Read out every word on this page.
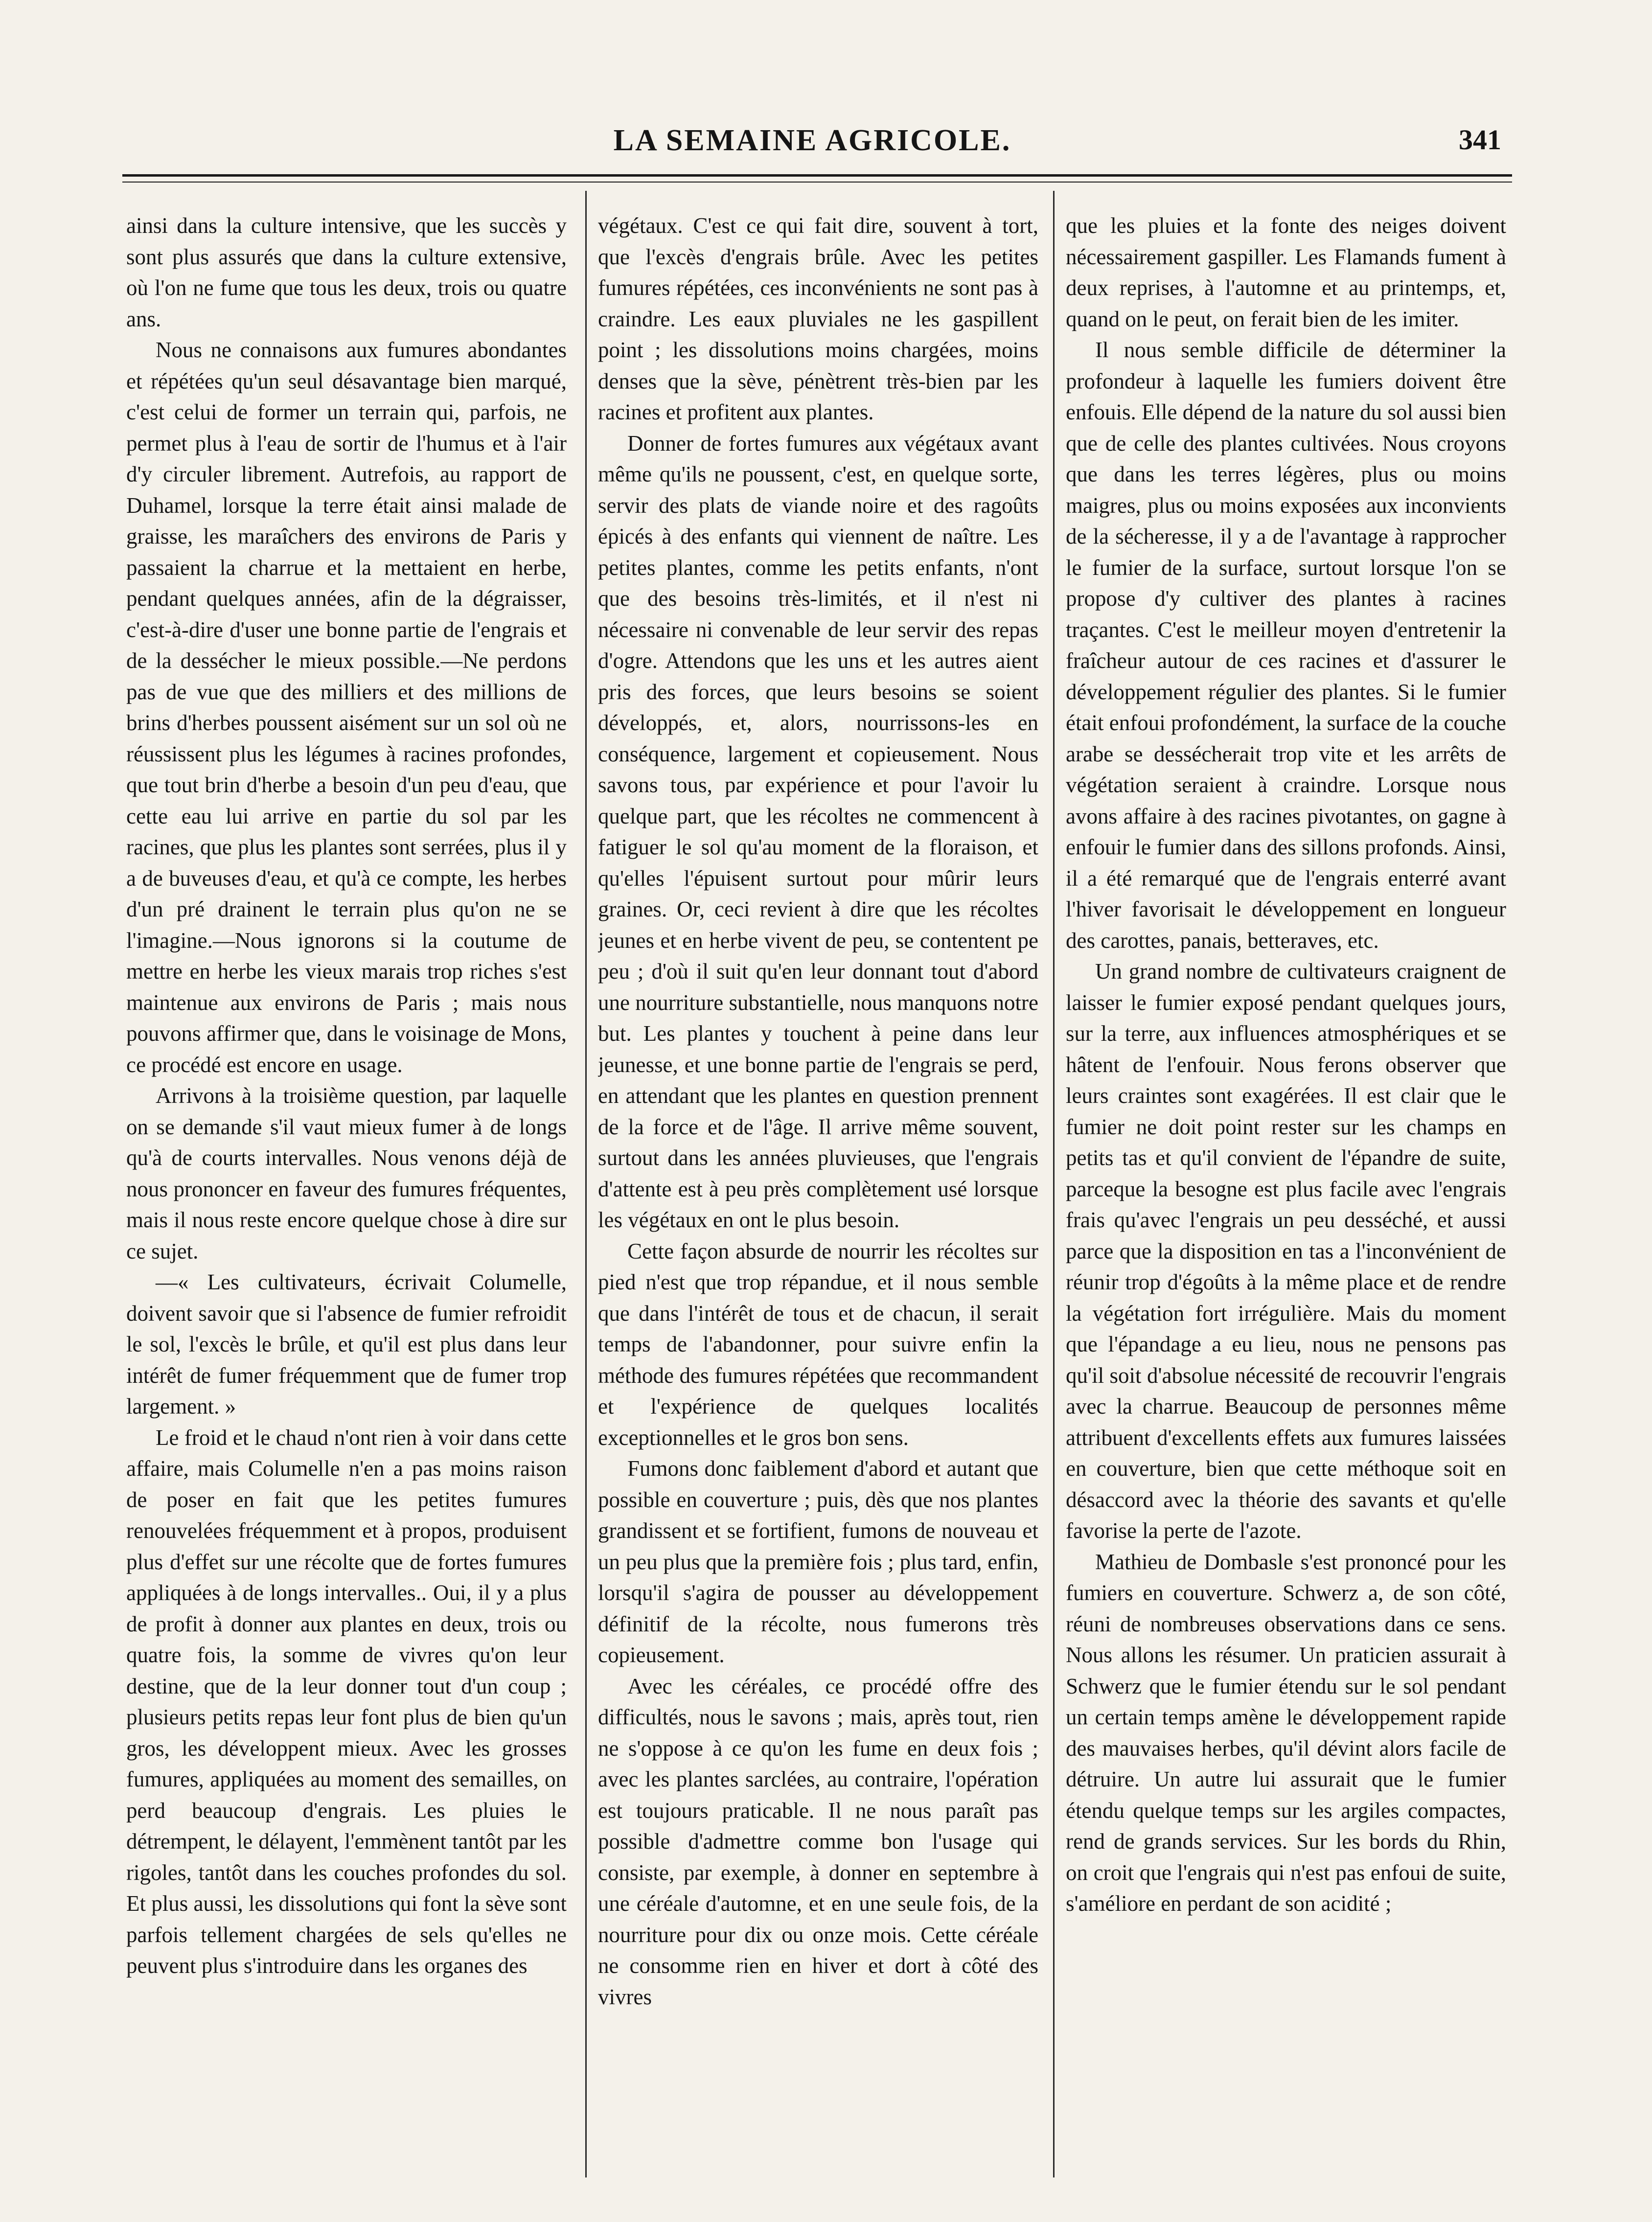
LA SEMAINE AGRICOLE.	341

ainsi dans la culture intensive, que les succès y sont plus assurés que dans la culture extensive, où l'on ne fume que tous les deux, trois ou quatre ans.

Nous ne connaisons aux fumures abondantes et répétées qu'un seul désavantage bien marqué, c'est celui de former un terrain qui, parfois, ne permet plus à l'eau de sortir de l'humus et à l'air d'y circuler librement. Autrefois, au rapport de Duhamel, lorsque la terre était ainsi malade de graisse, les maraîchers des environs de Paris y passaient la charrue et la mettaient en herbe, pendant quelques années, afin de la dégraisser, c'est-à-dire d'user une bonne partie de l'engrais et de la dessécher le mieux possible.—Ne perdons pas de vue que des milliers et des millions de brins d'herbes poussent aisément sur un sol où ne réussissent plus les légumes à racines profondes, que tout brin d'herbe a besoin d'un peu d'eau, que cette eau lui arrive en partie du sol par les racines, que plus les plantes sont serrées, plus il y a de buveuses d'eau, et qu'à ce compte, les herbes d'un pré drainent le terrain plus qu'on ne se l'imagine.—Nous ignorons si la coutume de mettre en herbe les vieux marais trop riches s'est maintenue aux environs de Paris ; mais nous pouvons affirmer que, dans le voisinage de Mons, ce procédé est encore en usage.

Arrivons à la troisième question, par laquelle on se demande s'il vaut mieux fumer à de longs qu'à de courts intervalles. Nous venons déjà de nous prononcer en faveur des fumures fréquentes, mais il nous reste encore quelque chose à dire sur ce sujet.

—« Les cultivateurs, écrivait Columelle, doivent savoir que si l'absence de fumier refroidit le sol, l'excès le brûle, et qu'il est plus dans leur intérêt de fumer fréquemment que de fumer trop largement. »

Le froid et le chaud n'ont rien à voir dans cette affaire, mais Columelle n'en a pas moins raison de poser en fait que les petites fumures renouvelées fréquemment et à propos, produisent plus d'effet sur une récolte que de fortes fumures appliquées à de longs intervalles.. Oui, il y a plus de profit à donner aux plantes en deux, trois ou quatre fois, la somme de vivres qu'on leur destine, que de la leur donner tout d'un coup ; plusieurs petits repas leur font plus de bien qu'un gros, les développent mieux. Avec les grosses fumures, appliquées au moment des semailles, on perd beaucoup d'engrais. Les pluies le détrempent, le délayent, l'emmènent tantôt par les rigoles, tantôt dans les couches profondes du sol. Et plus aussi, les dissolutions qui font la sève sont parfois tellement chargées de sels qu'elles ne peuvent plus s'introduire dans les organes des

végétaux. C'est ce qui fait dire, souvent à tort, que l'excès d'engrais brûle. Avec les petites fumures répétées, ces inconvénients ne sont pas à craindre. Les eaux pluviales ne les gaspillent point ; les dissolutions moins chargées, moins denses que la sève, pénètrent très-bien par les racines et profitent aux plantes.

Donner de fortes fumures aux végétaux avant même qu'ils ne poussent, c'est, en quelque sorte, servir des plats de viande noire et des ragoûts épicés à des enfants qui viennent de naître. Les petites plantes, comme les petits enfants, n'ont que des besoins très-limités, et il n'est ni nécessaire ni convenable de leur servir des repas d'ogre. Attendons que les uns et les autres aient pris des forces, que leurs besoins se soient développés, et, alors, nourrissons-les en conséquence, largement et copieusement. Nous savons tous, par expérience et pour l'avoir lu quelque part, que les récoltes ne commencent à fatiguer le sol qu'au moment de la floraison, et qu'elles l'épuisent surtout pour mûrir leurs graines. Or, ceci revient à dire que les récoltes jeunes et en herbe vivent de peu, se contentent pe peu ; d'où il suit qu'en leur donnant tout d'abord une nourriture substantielle, nous manquons notre but. Les plantes y touchent à peine dans leur jeunesse, et une bonne partie de l'engrais se perd, en attendant que les plantes en question prennent de la force et de l'âge. Il arrive même souvent, surtout dans les années pluvieuses, que l'engrais d'attente est à peu près complètement usé lorsque les végétaux en ont le plus besoin.

Cette façon absurde de nourrir les récoltes sur pied n'est que trop répandue, et il nous semble que dans l'intérêt de tous et de chacun, il serait temps de l'abandonner, pour suivre enfin la méthode des fumures répétées que recommandent et l'expérience de quelques localités exceptionnelles et le gros bon sens.

Fumons donc faiblement d'abord et autant que possible en couverture ; puis, dès que nos plantes grandissent et se fortifient, fumons de nouveau et un peu plus que la première fois ; plus tard, enfin, lorsqu'il s'agira de pousser au développement définitif de la récolte, nous fumerons très copieusement.

Avec les céréales, ce procédé offre des difficultés, nous le savons ; mais, après tout, rien ne s'oppose à ce qu'on les fume en deux fois ; avec les plantes sarclées, au contraire, l'opération est toujours praticable. Il ne nous paraît pas possible d'admettre comme bon l'usage qui consiste, par exemple, à donner en septembre à une céréale d'automne, et en une seule fois, de la nourriture pour dix ou onze mois. Cette céréale ne consomme rien en hiver et dort à côté des vivres

que les pluies et la fonte des neiges doivent nécessairement gaspiller. Les Flamands fument à deux reprises, à l'automne et au printemps, et, quand on le peut, on ferait bien de les imiter.

Il nous semble difficile de déterminer la profondeur à laquelle les fumiers doivent être enfouis. Elle dépend de la nature du sol aussi bien que de celle des plantes cultivées. Nous croyons que dans les terres légères, plus ou moins maigres, plus ou moins exposées aux inconvients de la sécheresse, il y a de l'avantage à rapprocher le fumier de la surface, surtout lorsque l'on se propose d'y cultiver des plantes à racines traçantes. C'est le meilleur moyen d'entretenir la fraîcheur autour de ces racines et d'assurer le développement régulier des plantes. Si le fumier était enfoui profondément, la surface de la couche arabe se dessécherait trop vite et les arrêts de végétation seraient à craindre. Lorsque nous avons affaire à des racines pivotantes, on gagne à enfouir le fumier dans des sillons profonds. Ainsi, il a été remarqué que de l'engrais enterré avant l'hiver favorisait le développement en longueur des carottes, panais, betteraves, etc.

Un grand nombre de cultivateurs craignent de laisser le fumier exposé pendant quelques jours, sur la terre, aux influences atmosphériques et se hâtent de l'enfouir. Nous ferons observer que leurs craintes sont exagérées. Il est clair que le fumier ne doit point rester sur les champs en petits tas et qu'il convient de l'épandre de suite, parceque la besogne est plus facile avec l'engrais frais qu'avec l'engrais un peu desséché, et aussi parce que la disposition en tas a l'inconvénient de réunir trop d'égoûts à la même place et de rendre la végétation fort irrégulière. Mais du moment que l'épandage a eu lieu, nous ne pensons pas qu'il soit d'absolue nécessité de recouvrir l'engrais avec la charrue. Beaucoup de personnes même attribuent d'excellents effets aux fumures laissées en couverture, bien que cette méthoque soit en désaccord avec la théorie des savants et qu'elle favorise la perte de l'azote.

Mathieu de Dombasle s'est prononcé pour les fumiers en couverture. Schwerz a, de son côté, réuni de nombreuses observations dans ce sens. Nous allons les résumer. Un praticien assurait à Schwerz que le fumier étendu sur le sol pendant un certain temps amène le développement rapide des mauvaises herbes, qu'il dévint alors facile de détruire. Un autre lui assurait que le fumier étendu quelque temps sur les argiles compactes, rend de grands services. Sur les bords du Rhin, on croit que l'engrais qui n'est pas enfoui de suite, s'améliore en perdant de son acidité ;
